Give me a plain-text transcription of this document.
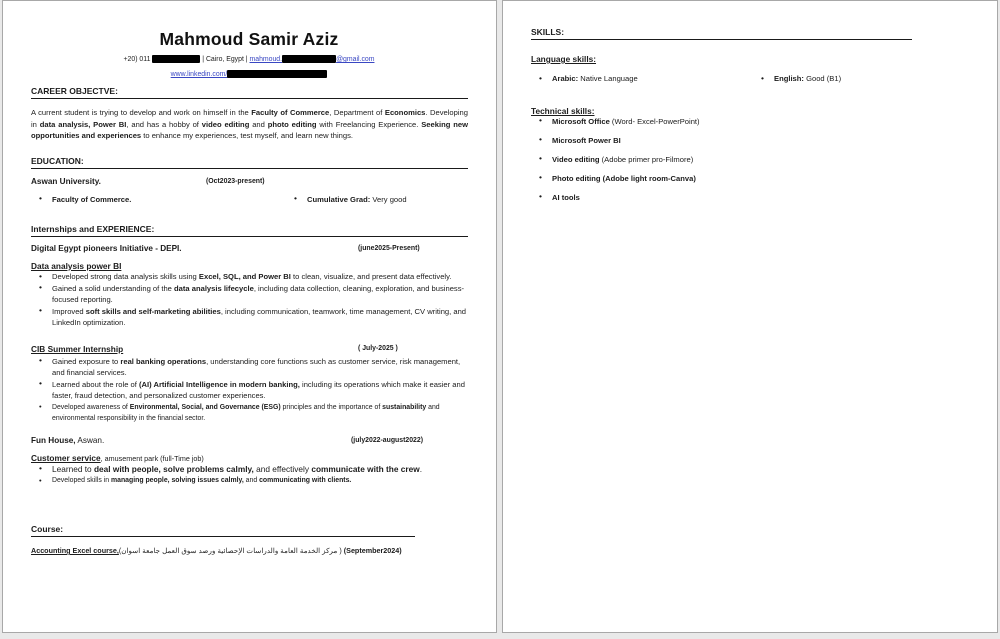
Mahmoud Samir Aziz
+20) 011	| Cairo, Egypt | mahmoud.	@gmail.com
www.linkedin.com/
CAREER OBJECTVE:
A current student is trying to develop and work on himself in the Faculty of Commerce, Department of Economics. Developing in data analysis, Power BI, and has a hobby of video editing and photo editing with Freelancing Experience. Seeking new opportunities and experiences to enhance my experiences, test myself, and learn new things.
EDUCATION:
Aswan University.	(Oct2023-present)
• Faculty of Commerce.	• Cumulative Grad: Very good
Internships and EXPERIENCE:
Digital Egypt pioneers Initiative - DEPI.	(june2025-Present)
Data analysis power BI
• Developed strong data analysis skills using Excel, SQL, and Power BI to clean, visualize, and present data effectively.
• Gained a solid understanding of the data analysis lifecycle, including data collection, cleaning, exploration, and business-focused reporting.
• Improved soft skills and self-marketing abilities, including communication, teamwork, time management, CV writing, and LinkedIn optimization.
CIB Summer Internship	( July-2025 )
• Gained exposure to real banking operations, understanding core functions such as customer service, risk management, and financial services.
• Learned about the role of (AI) Artificial Intelligence in modern banking, including its operations which make it easier and faster, fraud detection, and personalized customer experiences.
• Developed awareness of Environmental, Social, and Governance (ESG) principles and the importance of sustainability and environmental responsibility in the financial sector.
Fun House, Aswan.	(july2022-august2022)
Customer service, amusement park (full-Time job)
• Learned to deal with people, solve problems calmly, and effectively communicate with the crew.
• Developed skills in managing people, solving issues calmly, and communicating with clients.
Course:
Accounting Excel course,( مركز الخدمة العامة والدراسات الإحصائية ورصد سوق العمل جامعة اسوان) (September2024)
SKILLS:
Language skills:
• Arabic: Native Language	• English: Good (B1)
Technical skills:
• Microsoft Office (Word- Excel-PowerPoint)
• Microsoft Power BI
• Video editing (Adobe primer pro-Filmore)
• Photo editing (Adobe light room-Canva)
• AI tools
